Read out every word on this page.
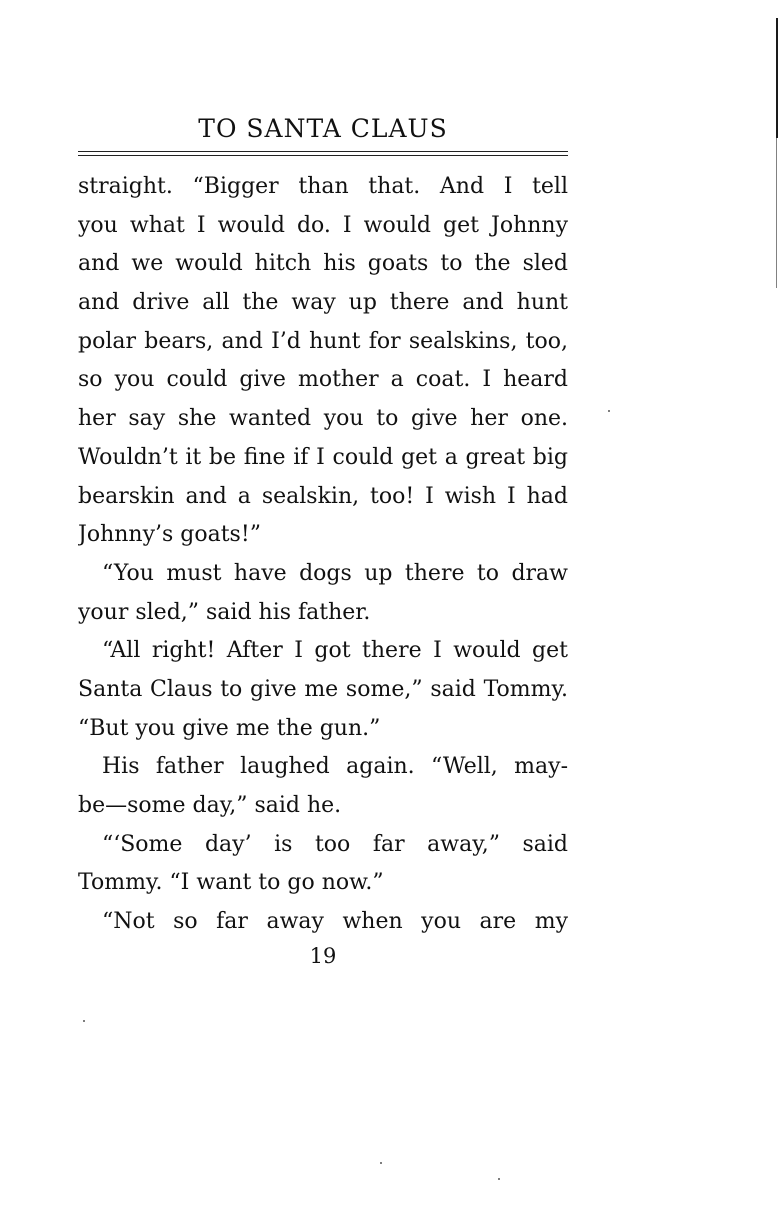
TO SANTA CLAUS
straight. “Bigger than that. And I tell
you what I would do. I would get Johnny
and we would hitch his goats to the sled
and drive all the way up there and hunt
polar bears, and I’d hunt for sealskins, too,
so you could give mother a coat. I heard
her say she wanted you to give her one.
Wouldn’t it be fine if I could get a great big
bearskin and a sealskin, too! I wish I had
Johnny’s goats!”
“You must have dogs up there to draw
your sled,” said his father.
“All right! After I got there I would get
Santa Claus to give me some,” said Tommy.
“But you give me the gun.”
His father laughed again. “Well, may-
be—some day,” said he.
“‘Some day’ is too far away,” said
Tommy. “I want to go now.”
“Not so far away when you are my
19
